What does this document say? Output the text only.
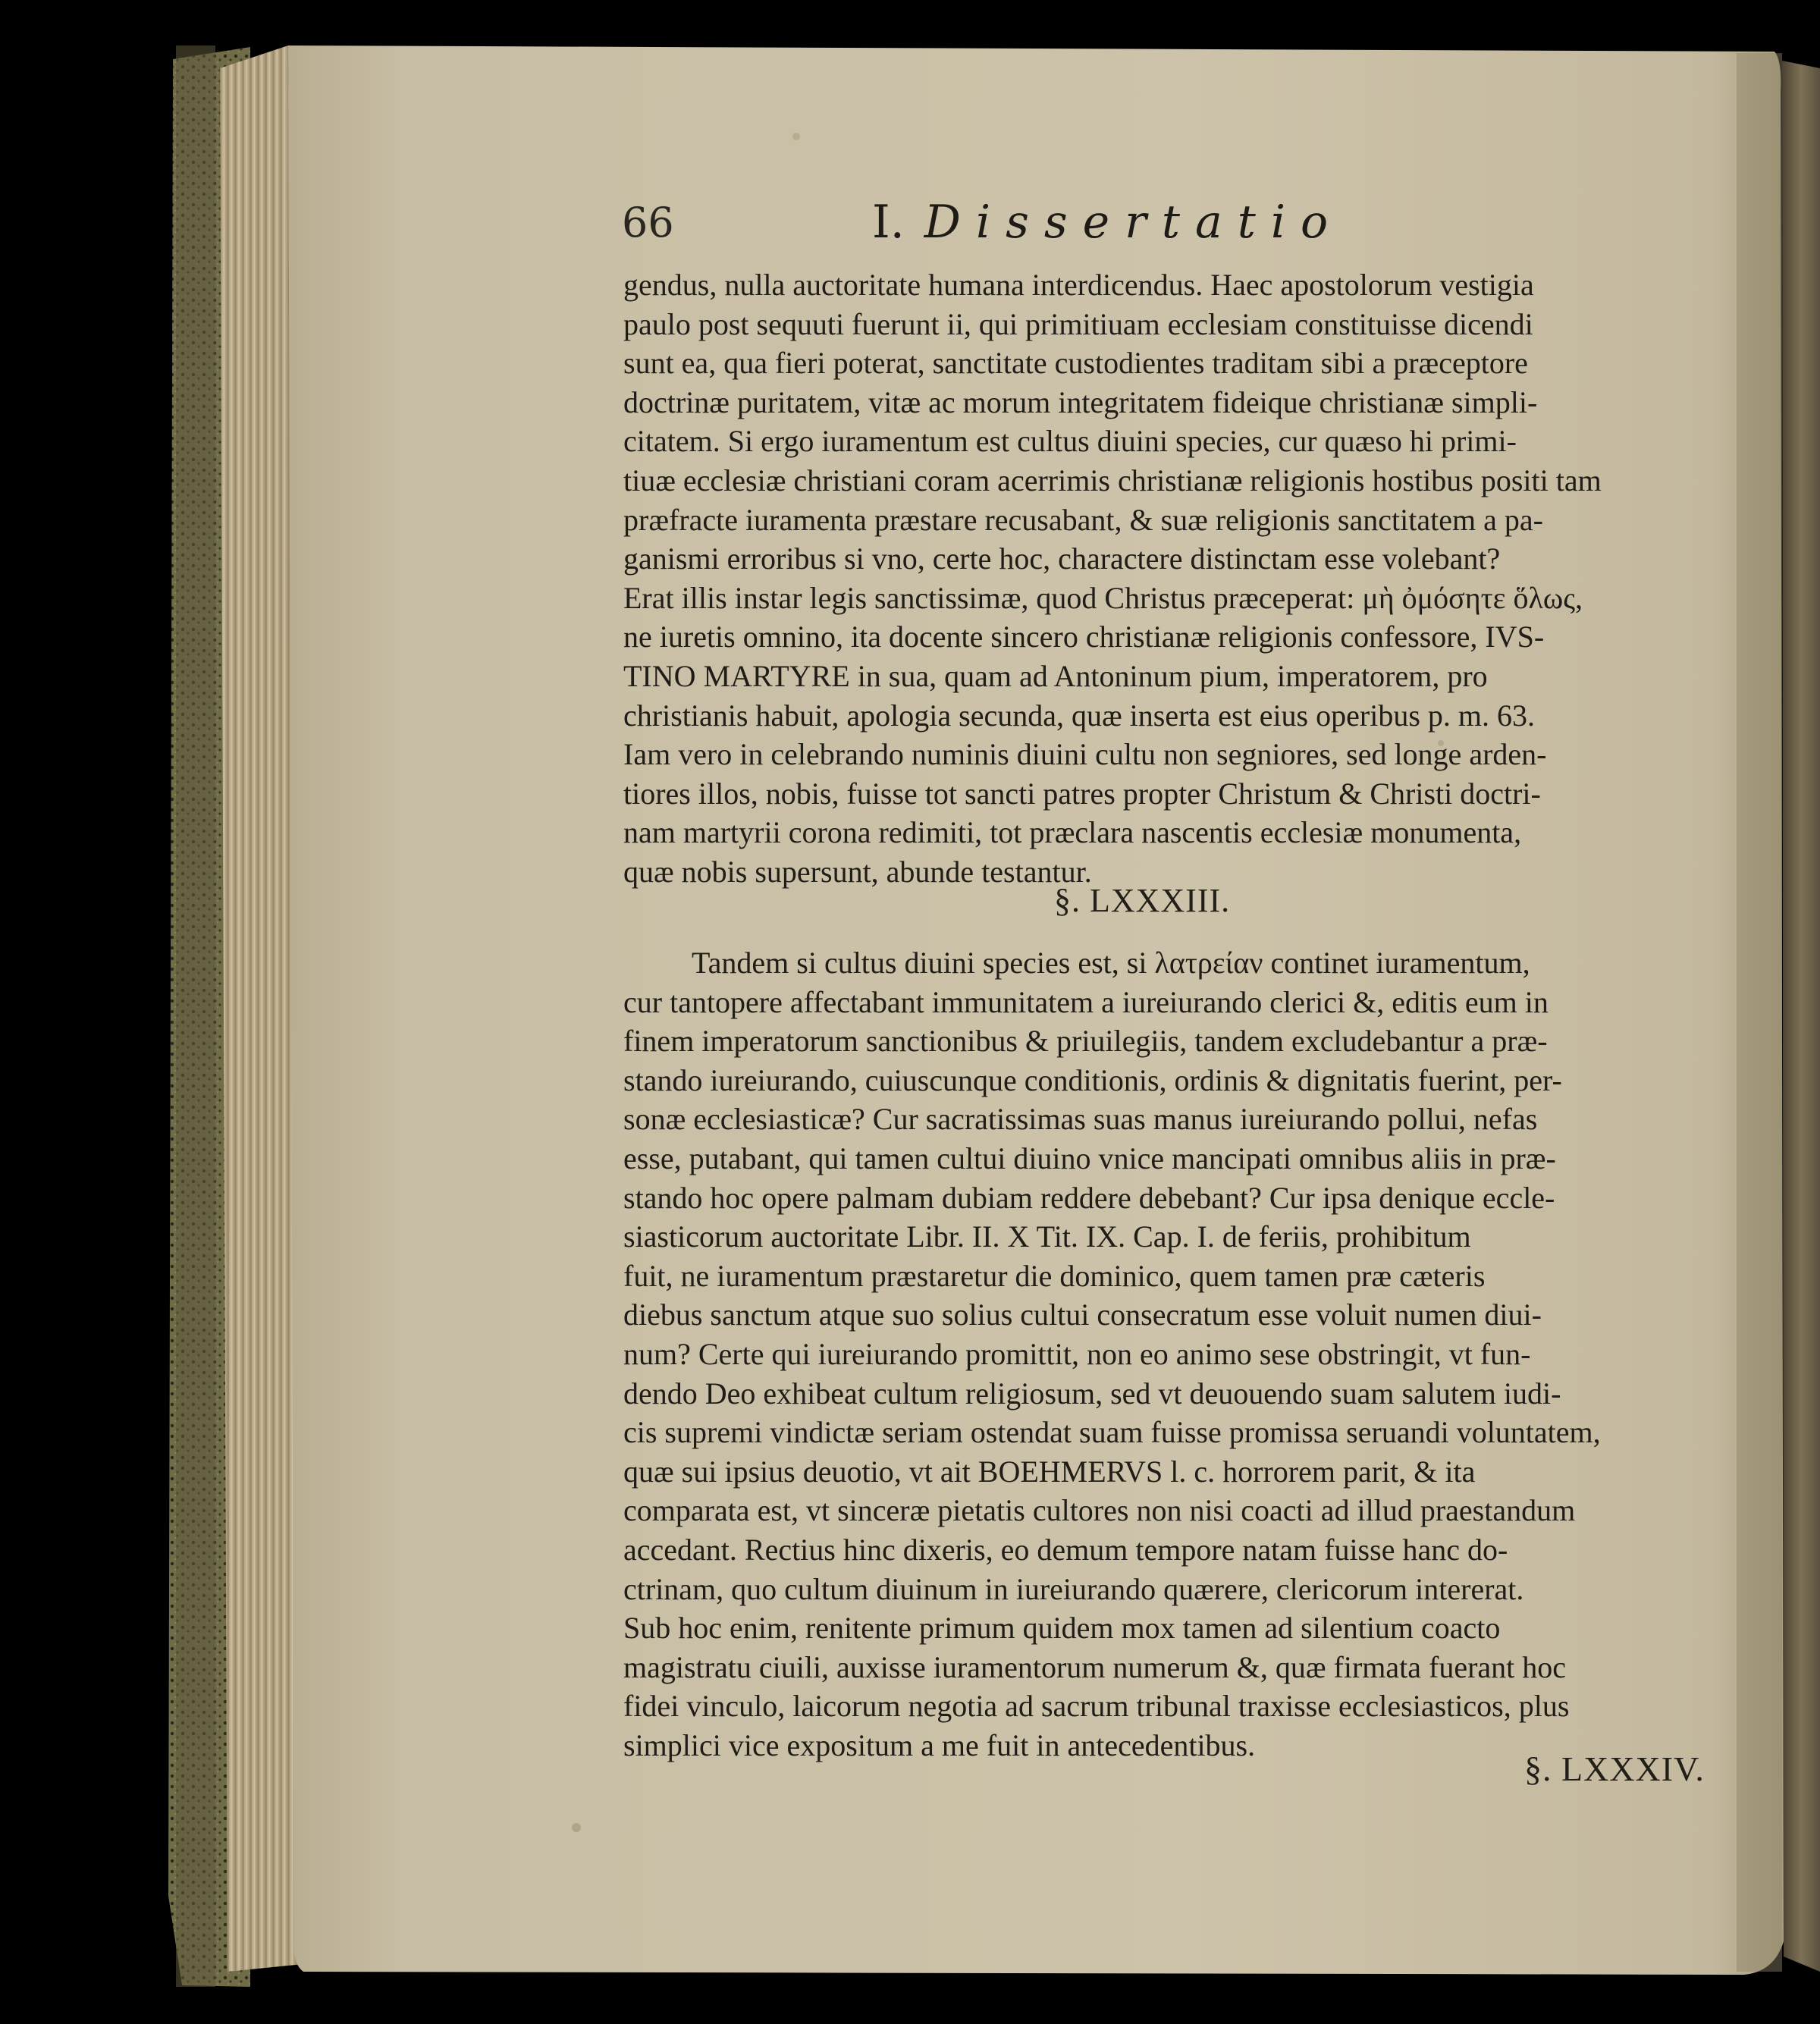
66	I. Dissertatio
gendus, nulla auctoritate humana interdicendus. Haec apostolorum vestigia
paulo post sequuti fuerunt ii, qui primitiuam ecclesiam constituisse dicendi
sunt ea, qua fieri poterat, sanctitate custodientes traditam sibi a præceptore
doctrinæ puritatem, vitæ ac morum integritatem fideique christianæ simpli-
citatem. Si ergo iuramentum est cultus diuini species, cur quæso hi primi-
tiuæ ecclesiæ christiani coram acerrimis christianæ religionis hostibus positi tam
præfracte iuramenta præstare recusabant, & suæ religionis sanctitatem a pa-
ganismi erroribus si vno, certe hoc, charactere distinctam esse volebant?
Erat illis instar legis sanctissimæ, quod Christus præceperat: μὴ ὀμόσητε ὅλως,
ne iuretis omnino, ita docente sincero christianæ religionis confessore, IVS-
TINO MARTYRE in sua, quam ad Antoninum pium, imperatorem, pro
christianis habuit, apologia secunda, quæ inserta est eius operibus p. m. 63.
Iam vero in celebrando numinis diuini cultu non segniores, sed longe arden-
tiores illos, nobis, fuisse tot sancti patres propter Christum & Christi doctri-
nam martyrii corona redimiti, tot præclara nascentis ecclesiæ monumenta,
quæ nobis supersunt, abunde testantur.
§. LXXXIII.
Tandem si cultus diuini species est, si λατρείαν continet iuramentum,
cur tantopere affectabant immunitatem a iureiurando clerici &, editis eum in
finem imperatorum sanctionibus & priuilegiis, tandem excludebantur a præ-
stando iureiurando, cuiuscunque conditionis, ordinis & dignitatis fuerint, per-
sonæ ecclesiasticæ? Cur sacratissimas suas manus iureiurando pollui, nefas
esse, putabant, qui tamen cultui diuino vnice mancipati omnibus aliis in præ-
stando hoc opere palmam dubiam reddere debebant? Cur ipsa denique eccle-
siasticorum auctoritate Libr. II. X Tit. IX. Cap. I. de feriis, prohibitum
fuit, ne iuramentum præstaretur die dominico, quem tamen præ cæteris
diebus sanctum atque suo solius cultui consecratum esse voluit numen diui-
num? Certe qui iureiurando promittit, non eo animo sese obstringit, vt fun-
dendo Deo exhibeat cultum religiosum, sed vt deuouendo suam salutem iudi-
cis supremi vindictæ seriam ostendat suam fuisse promissa seruandi voluntatem,
quæ sui ipsius deuotio, vt ait BOEHMERVS l. c. horrorem parit, & ita
comparata est, vt sinceræ pietatis cultores non nisi coacti ad illud praestandum
accedant. Rectius hinc dixeris, eo demum tempore natam fuisse hanc do-
ctrinam, quo cultum diuinum in iureiurando quærere, clericorum intererat.
Sub hoc enim, renitente primum quidem mox tamen ad silentium coacto
magistratu ciuili, auxisse iuramentorum numerum &, quæ firmata fuerant hoc
fidei vinculo, laicorum negotia ad sacrum tribunal traxisse ecclesiasticos, plus
simplici vice expositum a me fuit in antecedentibus.
§. LXXXIV.
